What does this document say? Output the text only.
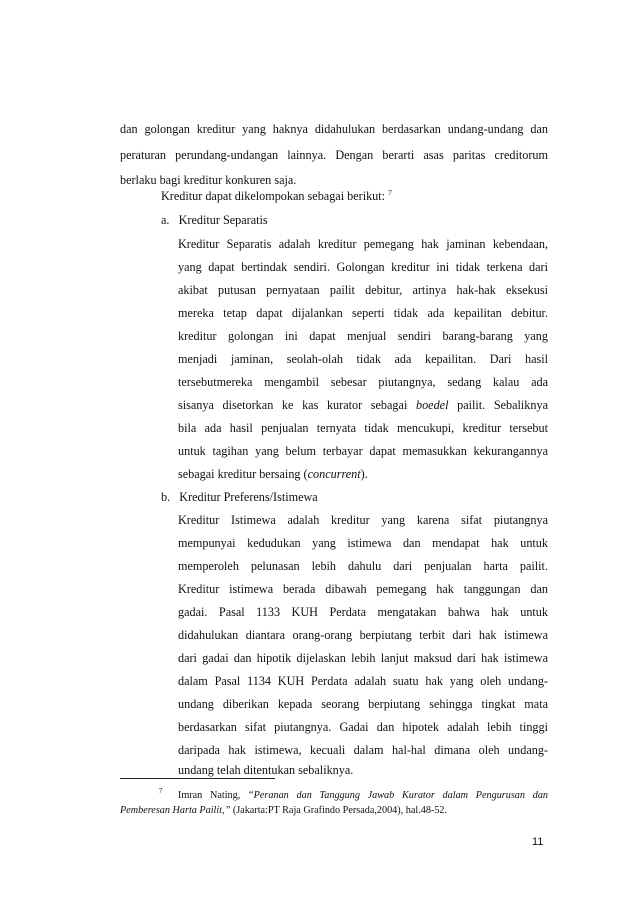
dan golongan kreditur yang haknya didahulukan berdasarkan undang-undang dan
peraturan perundang-undangan lainnya. Dengan berarti asas paritas creditorum
berlaku bagi kreditur konkuren saja.
Kreditur dapat dikelompokan sebagai berikut: $^7$
a. Kreditur Separatis
Kreditur Separatis adalah kreditur pemegang hak jaminan kebendaan,
yang dapat bertindak sendiri. Golongan kreditur ini tidak terkena dari
akibat putusan pernyataan pailit debitur, artinya hak-hak eksekusi
mereka tetap dapat dijalankan seperti tidak ada kepailitan debitur.
kreditur golongan ini dapat menjual sendiri barang-barang yang
menjadi jaminan, seolah-olah tidak ada kepailitan. Dari hasil
tersebutmereka mengambil sebesar piutangnya, sedang kalau ada
sisanya disetorkan ke kas kurator sebagai boedel pailit. Sebaliknya
bila ada hasil penjualan ternyata tidak mencukupi, kreditur tersebut
untuk tagihan yang belum terbayar dapat memasukkan kekurangannya
sebagai kreditur bersaing (concurrent).
b. Kreditur Preferens/Istimewa
Kreditur Istimewa adalah kreditur yang karena sifat piutangnya
mempunyai kedudukan yang istimewa dan mendapat hak untuk
memperoleh pelunasan lebih dahulu dari penjualan harta pailit.
Kreditur istimewa berada dibawah pemegang hak tanggungan dan
gadai. Pasal 1133 KUH Perdata mengatakan bahwa hak untuk
didahulukan diantara orang-orang berpiutang terbit dari hak istimewa
dari gadai dan hipotik dijelaskan lebih lanjut maksud dari hak istimewa
dalam Pasal 1134 KUH Perdata adalah suatu hak yang oleh undang-
undang diberikan kepada seorang berpiutang sehingga tingkat mata
berdasarkan sifat piutangnya. Gadai dan hipotek adalah lebih tinggi
daripada hak istimewa, kecuali dalam hal-hal dimana oleh undang-
undang telah ditentukan sebaliknya.
$^7$ Imran Nating, “Peranan dan Tanggung Jawab Kurator dalam Pengurusan dan
Pemberesan Harta Pailit,” (Jakarta:PT Raja Grafindo Persada,2004), hal.48-52.
11
